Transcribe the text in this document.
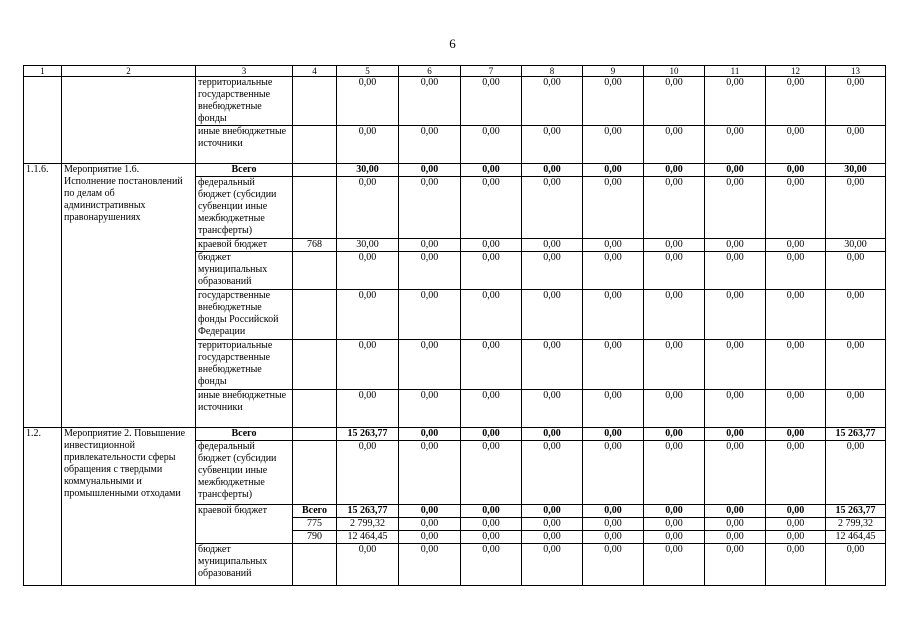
6
1	2	3	4	5	6	7	8	9	10	11	12	13
		территориальные государственные внебюджетные фонды		0,00	0,00	0,00	0,00	0,00	0,00	0,00	0,00	0,00
		иные внебюджетные источники		0,00	0,00	0,00	0,00	0,00	0,00	0,00	0,00	0,00
1.1.6.	Мероприятие 1.6. Исполнение постановлений по делам об административных правонарушениях	Всего		30,00	0,00	0,00	0,00	0,00	0,00	0,00	0,00	30,00
		федеральный бюджет (субсидии субвенции иные межбюджетные трансферты)		0,00	0,00	0,00	0,00	0,00	0,00	0,00	0,00	0,00
		краевой бюджет	768	30,00	0,00	0,00	0,00	0,00	0,00	0,00	0,00	30,00
		бюджет муниципальных образований		0,00	0,00	0,00	0,00	0,00	0,00	0,00	0,00	0,00
		государственные внебюджетные фонды Российской Федерации		0,00	0,00	0,00	0,00	0,00	0,00	0,00	0,00	0,00
		территориальные государственные внебюджетные фонды		0,00	0,00	0,00	0,00	0,00	0,00	0,00	0,00	0,00
		иные внебюджетные источники		0,00	0,00	0,00	0,00	0,00	0,00	0,00	0,00	0,00
1.2.	Мероприятие 2. Повышение инвестиционной привлекательности сферы обращения с твердыми коммунальными и промышленными отходами	Всего		15 263,77	0,00	0,00	0,00	0,00	0,00	0,00	0,00	15 263,77
		федеральный бюджет (субсидии субвенции иные межбюджетные трансферты)		0,00	0,00	0,00	0,00	0,00	0,00	0,00	0,00	0,00
		краевой бюджет	Всего	15 263,77	0,00	0,00	0,00	0,00	0,00	0,00	0,00	15 263,77
			775	2 799,32	0,00	0,00	0,00	0,00	0,00	0,00	0,00	2 799,32
			790	12 464,45	0,00	0,00	0,00	0,00	0,00	0,00	0,00	12 464,45
		бюджет муниципальных образований		0,00	0,00	0,00	0,00	0,00	0,00	0,00	0,00	0,00
